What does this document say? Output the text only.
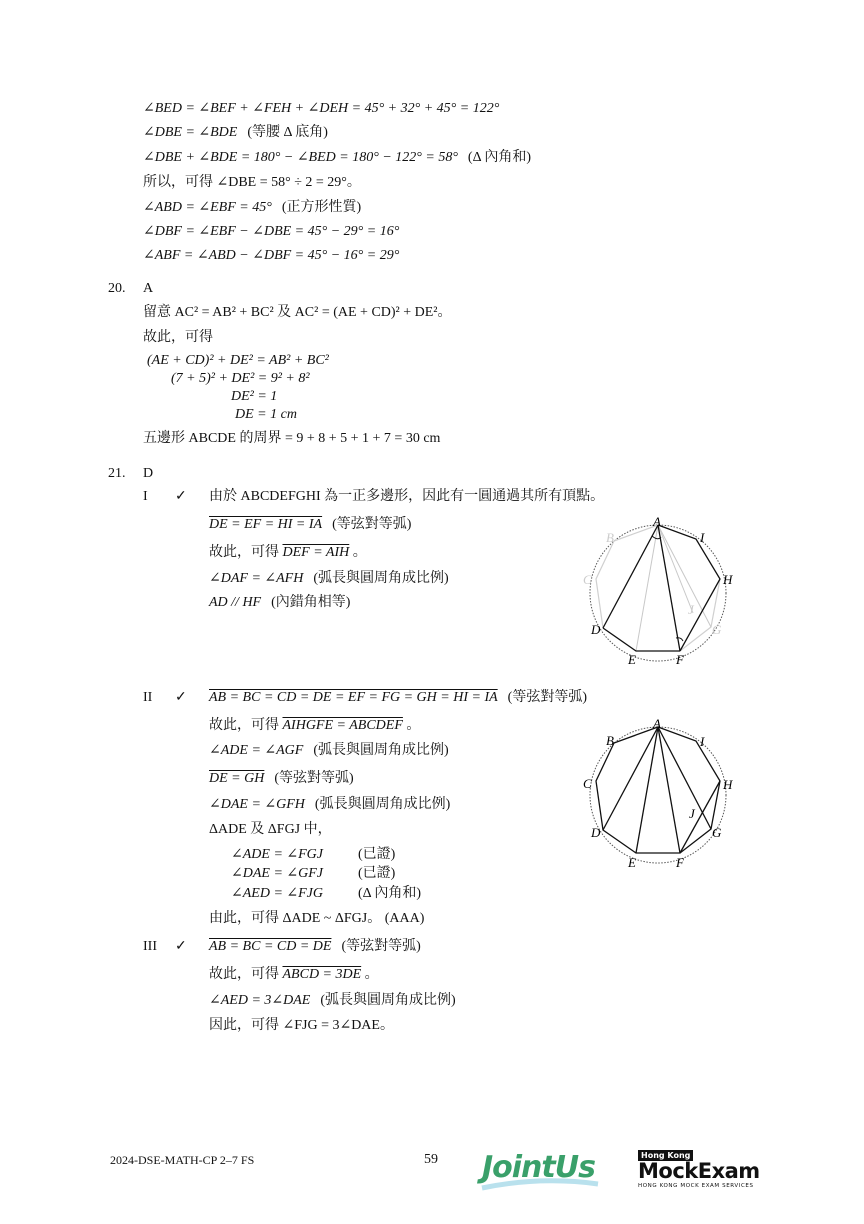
∠BED = ∠BEF + ∠FEH + ∠DEH = 45° + 32° + 45° = 122°
∠DBE = ∠BDE (等腰 Δ 底角)
∠DBE + ∠BDE = 180° − ∠BED = 180° − 122° = 58° (Δ 內角和)
所以，可得 ∠DBE = 58° ÷ 2 = 29°。
∠ABD = ∠EBF = 45° (正方形性質)
∠DBF = ∠EBF − ∠DBE = 45° − 29° = 16°
∠ABF = ∠ABD − ∠DBF = 45° − 16° = 29°
20. A
留意 AC² = AB² + BC² 及 AC² = (AE + CD)² + DE²。
故此，可得
(AE + CD)² + DE² = AB² + BC²
(7 + 5)² + DE² = 9² + 8²
DE² = 1
DE = 1 cm
五邊形 ABCDE 的周界 = 9 + 8 + 5 + 1 + 7 = 30 cm
21. D
I ✓ 由於 ABCDEFGHI 為一正多邊形，因此有一圓通過其所有頂點。
DE = EF = HI = IA (等弦對等弧)
故此，可得 DEF = AIH 。
∠DAF = ∠AFH (弧長與圓周角成比例)
AD // HF (內錯角相等)
A
B
C
D
E	F
G
H
I
J
II ✓ AB = BC = CD = DE = EF = FG = GH = HI = IA (等弦對等弧)
故此，可得 AIHGFE = ABCDEF 。
∠ADE = ∠AGF (弧長與圓周角成比例)
DE = GH (等弦對等弧)
∠DAE = ∠GFH (弧長與圓周角成比例)
ΔADE 及 ΔFGJ 中，
∠ADE = ∠FGJ	(已證)
∠DAE = ∠GFJ	(已證)
∠AED = ∠FJG	(Δ 內角和)
由此，可得 ΔADE ~ ΔFGJ。 (AAA)
A
B
C
D
E	F
G
H
I
J
III ✓ AB = BC = CD = DE (等弦對等弧)
故此，可得 ABCD = 3DE 。
∠AED = 3∠DAE (弧長與圓周角成比例)
因此，可得 ∠FJG = 3∠DAE。
2024-DSE-MATH-CP 2–7 FS	59 JointUs	Hong Kong
MockExam
HONG KONG MOCK EXAM SERVICES
